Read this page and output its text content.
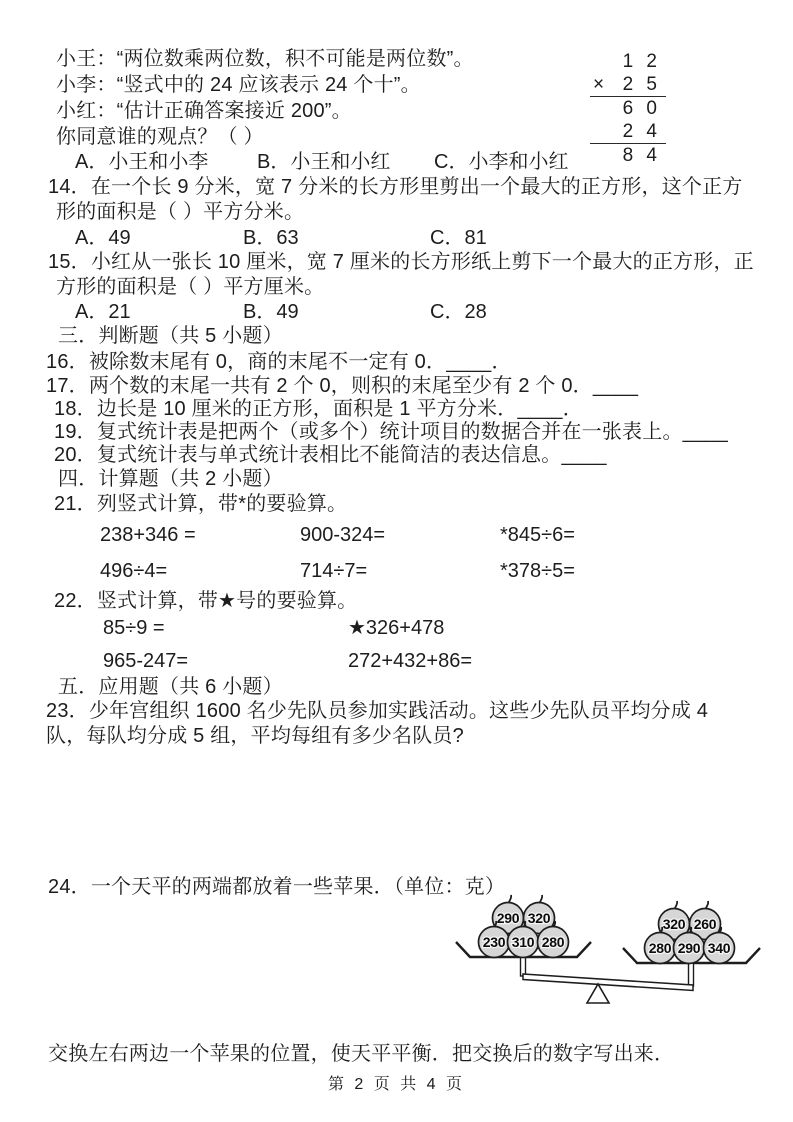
小王：“两位数乘两位数，积不可能是两位数”。

小李：“竖式中的 24 应该表示 24 个十”。

小红：“估计正确答案接近 200”。

你同意谁的观点？（ ）

1 2
× 2 5
6 0
2 4
8 4

A．小王和小李 B．小王和小红 C．小李和小红

14．在一个长 9 分米，宽 7 分米的长方形里剪出一个最大的正方形，这个正方

形的面积是（ ）平方分米。

A．49	B．63	C．81

15．小红从一张长 10 厘米，宽 7 厘米的长方形纸上剪下一个最大的正方形，正

方形的面积是（ ）平方厘米。

A．21	B．49	C．28

三．判断题（共 5 小题）

16．被除数末尾有 0，商的末尾不一定有 0．____．

17．两个数的末尾一共有 2 个 0，则积的末尾至少有 2 个 0．____

18．边长是 10 厘米的正方形，面积是 1 平方分米．____．

19．复式统计表是把两个（或多个）统计项目的数据合并在一张表上。____

20．复式统计表与单式统计表相比不能简洁的表达信息。____

四．计算题（共 2 小题）

21．列竖式计算，带*的要验算。

238+346 =	900-324=	*845÷6=

496÷4=	714÷7=	*378÷5=

22．竖式计算，带★号的要验算。

85÷9 =	★326+478

965-247=	272+432+86=

五．应用题（共 6 小题）

23．少年宫组织 1600 名少先队员参加实践活动。这些少先队员平均分成 4

队，每队均分成 5 组，平均每组有多少名队员?

24．一个天平的两端都放着一些苹果．（单位：克）

290 320
230 310 280
320 260
280 290 340

交换左右两边一个苹果的位置，使天平平衡．把交换后的数字写出来．

第 2 页 共 4 页
